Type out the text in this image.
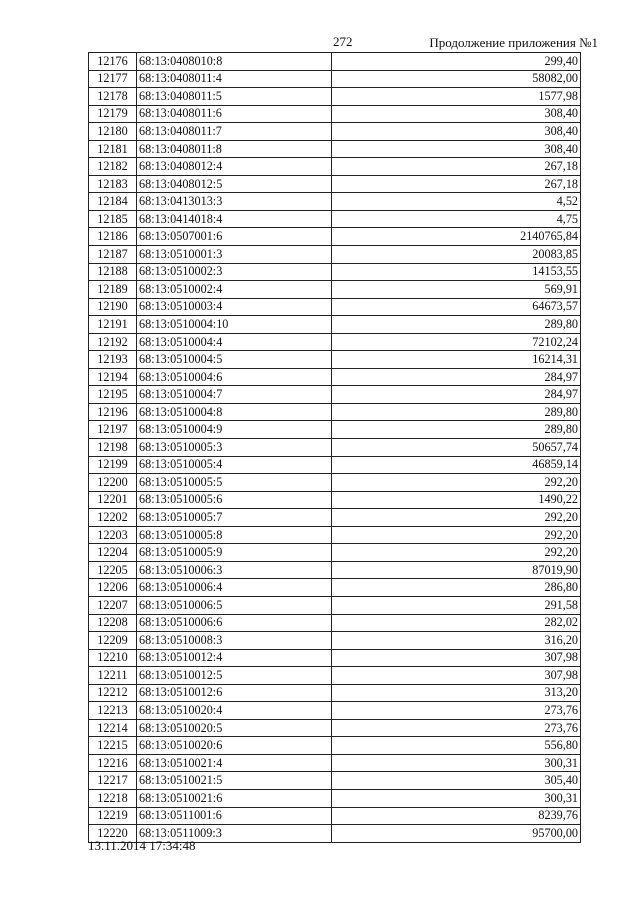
272	Продолжение приложения №1
12176	68:13:0408010:8	299,40
12177	68:13:0408011:4	58082,00
12178	68:13:0408011:5	1577,98
12179	68:13:0408011:6	308,40
12180	68:13:0408011:7	308,40
12181	68:13:0408011:8	308,40
12182	68:13:0408012:4	267,18
12183	68:13:0408012:5	267,18
12184	68:13:0413013:3	4,52
12185	68:13:0414018:4	4,75
12186	68:13:0507001:6	2140765,84
12187	68:13:0510001:3	20083,85
12188	68:13:0510002:3	14153,55
12189	68:13:0510002:4	569,91
12190	68:13:0510003:4	64673,57
12191	68:13:0510004:10	289,80
12192	68:13:0510004:4	72102,24
12193	68:13:0510004:5	16214,31
12194	68:13:0510004:6	284,97
12195	68:13:0510004:7	284,97
12196	68:13:0510004:8	289,80
12197	68:13:0510004:9	289,80
12198	68:13:0510005:3	50657,74
12199	68:13:0510005:4	46859,14
12200	68:13:0510005:5	292,20
12201	68:13:0510005:6	1490,22
12202	68:13:0510005:7	292,20
12203	68:13:0510005:8	292,20
12204	68:13:0510005:9	292,20
12205	68:13:0510006:3	87019,90
12206	68:13:0510006:4	286,80
12207	68:13:0510006:5	291,58
12208	68:13:0510006:6	282,02
12209	68:13:0510008:3	316,20
12210	68:13:0510012:4	307,98
12211	68:13:0510012:5	307,98
12212	68:13:0510012:6	313,20
12213	68:13:0510020:4	273,76
12214	68:13:0510020:5	273,76
12215	68:13:0510020:6	556,80
12216	68:13:0510021:4	300,31
12217	68:13:0510021:5	305,40
12218	68:13:0510021:6	300,31
12219	68:13:0511001:6	8239,76
12220	68:13:0511009:3	95700,00
13.11.2014 17:34:48
